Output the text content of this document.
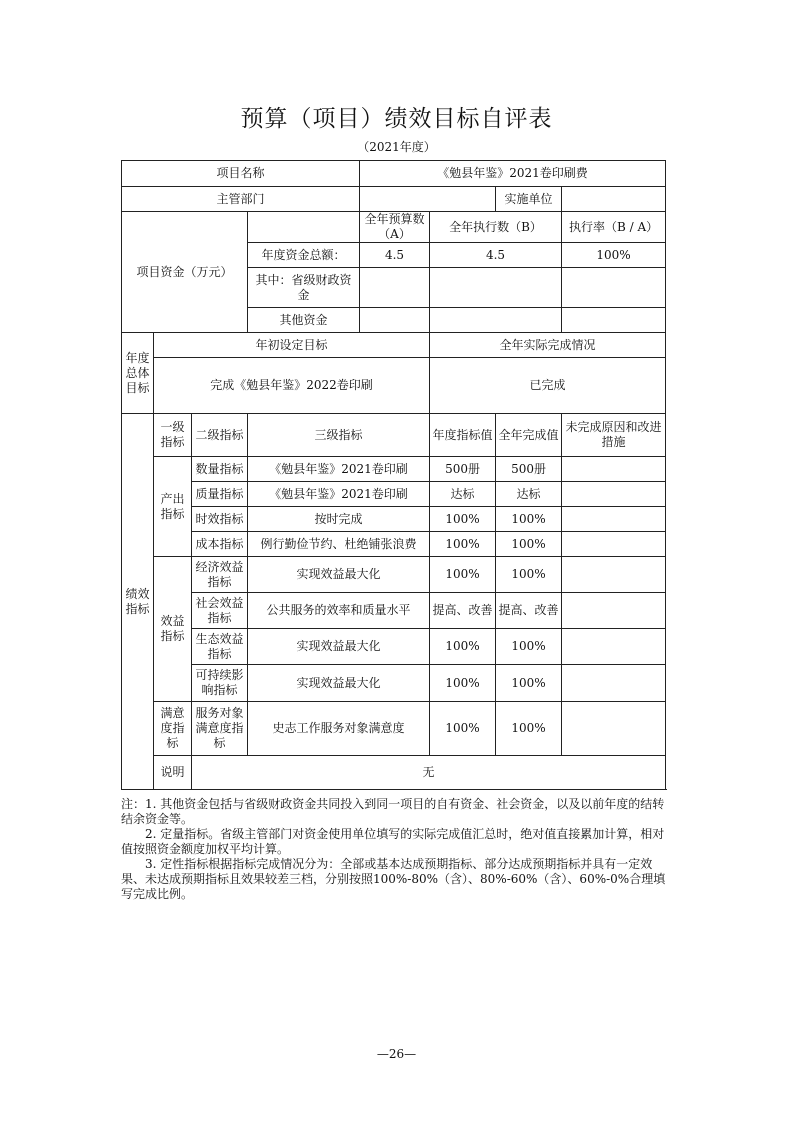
预算（项目）绩效目标自评表
（2021年度）
项目名称				《勉县年鉴》2021卷印刷费			
主管部门						实施单位	
项目资金（万元）				全年预算数（A）	全年执行数（B）		执行率（B / A）
			年度资金总额：	4.5	4.5		100%
			其中：省级财政资金				
			其他资金				
年度总体目标	年初设定目标				全年实际完成情况		
	完成《勉县年鉴》2022卷印刷				已完成		
绩效指标	一级指标	二级指标	三级指标		年度指标值	全年完成值	未完成原因和改进措施
	产出指标	数量指标	《勉县年鉴》2021卷印刷		500册	500册	
		质量指标	《勉县年鉴》2021卷印刷		达标	达标	
		时效指标	按时完成		100%	100%	
		成本指标	例行勤俭节约、杜绝铺张浪费		100%	100%	
	效益指标	经济效益指标	实现效益最大化		100%	100%	
		社会效益指标	公共服务的效率和质量水平		提高、改善	提高、改善	
		生态效益指标	实现效益最大化		100%	100%	
		可持续影响指标	实现效益最大化		100%	100%	
	满意度指标	服务对象满意度指标	史志工作服务对象满意度		100%	100%	
	说明	无					

注：1. 其他资金包括与省级财政资金共同投入到同一项目的自有资金、社会资金，以及以前年度的结转结余资金等。

2. 定量指标。省级主管部门对资金使用单位填写的实际完成值汇总时，绝对值直接累加计算，相对值按照资金额度加权平均计算。

3. 定性指标根据指标完成情况分为：全部或基本达成预期指标、部分达成预期指标并具有一定效果、未达成预期指标且效果较差三档，分别按照100%-80%（含）、80%-60%（含）、60%-0%合理填写完成比例。

—26—
